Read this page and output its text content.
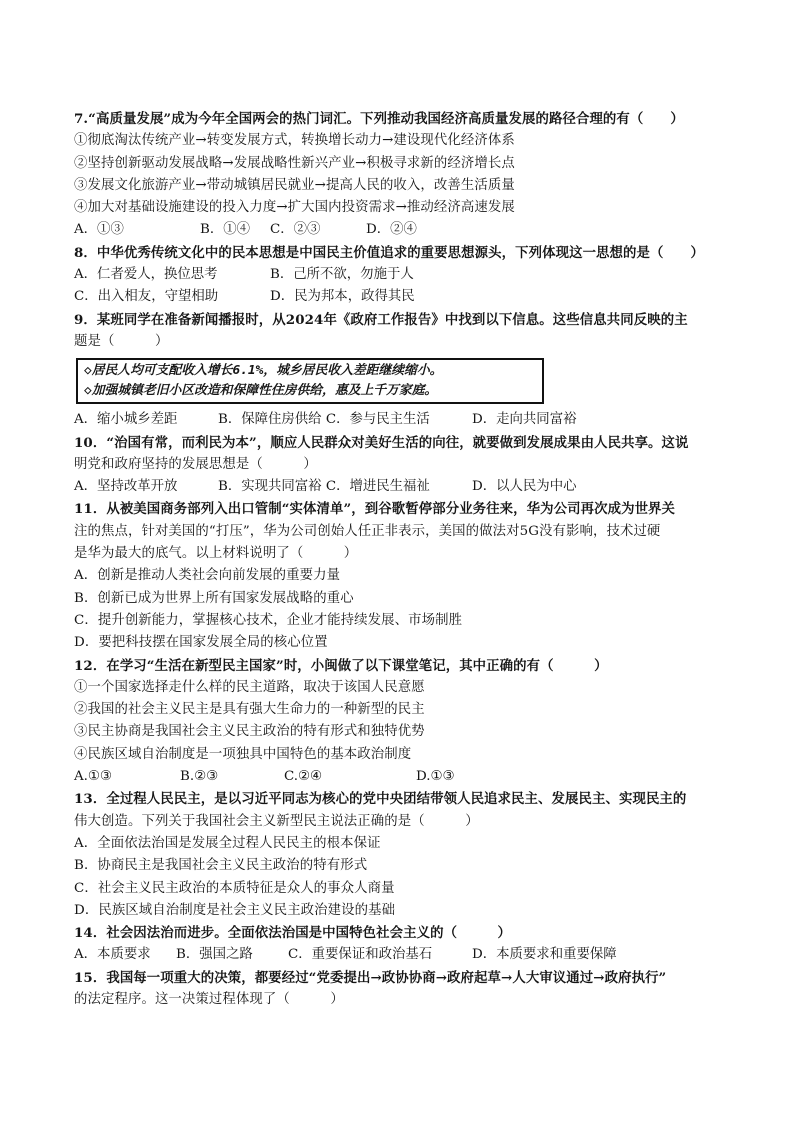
7.“高质量发展”成为今年全国两会的热门词汇。下列推动我国经济高质量发展的路径合理的有（　　）
①彻底淘汰传统产业→转变发展方式，转换增长动力→建设现代化经济体系
②坚持创新驱动发展战略→发展战略性新兴产业→积极寻求新的经济增长点
③发展文化旅游产业→带动城镇居民就业→提高人民的收入，改善生活质量
④加大对基础设施建设的投入力度→扩大国内投资需求→推动经济高速发展
A．①③	B．①④ C．②③	D．②④
8．中华优秀传统文化中的民本思想是中国民主价值追求的重要思想源头，下列体现这一思想的是（　　）
A．仁者爱人，换位思考	B．己所不欲，勿施于人
C．出入相友，守望相助	D．民为邦本，政得其民
9．某班同学在准备新闻播报时，从2024年《政府工作报告》中找到以下信息。这些信息共同反映的主
题是（　　　）
◇居民人均可支配收入增长6.1%，城乡居民收入差距继续缩小。
◇加强城镇老旧小区改造和保障性住房供给，惠及上千万家庭。
A．缩小城乡差距	B．保障住房供给 C．参与民主生活	D．走向共同富裕
10．“治国有常，而利民为本”，顺应人民群众对美好生活的向往，就要做到发展成果由人民共享。这说
明党和政府坚持的发展思想是（　　　）
A．坚持改革开放	B．实现共同富裕 C．增进民生福祉	D．以人民为中心
11．从被美国商务部列入出口管制“实体清单”，到谷歌暂停部分业务往来，华为公司再次成为世界关
注的焦点，针对美国的“打压”，华为公司创始人任正非表示，美国的做法对5G没有影响，技术过硬
是华为最大的底气。以上材料说明了（　　　）
A．创新是推动人类社会向前发展的重要力量
B．创新已成为世界上所有国家发展战略的重心
C．提升创新能力，掌握核心技术，企业才能持续发展、市场制胜
D．要把科技摆在国家发展全局的核心位置
12．在学习“生活在新型民主国家”时，小闽做了以下课堂笔记，其中正确的有（　　　）
①一个国家选择走什么样的民主道路，取决于该国人民意愿
②我国的社会主义民主是具有强大生命力的一种新型的民主
③民主协商是我国社会主义民主政治的特有形式和独特优势
④民族区域自治制度是一项独具中国特色的基本政治制度
A.①③	B.②③	C.②④	D.①③
13．全过程人民民主，是以习近平同志为核心的党中央团结带领人民追求民主、发展民主、实现民主的
伟大创造。下列关于我国社会主义新型民主说法正确的是（　　　）
A．全面依法治国是发展全过程人民民主的根本保证
B．协商民主是我国社会主义民主政治的特有形式
C．社会主义民主政治的本质特征是众人的事众人商量
D．民族区域自治制度是社会主义民主政治建设的基础
14．社会因法治而进步。全面依法治国是中国特色社会主义的（　　　）
A．本质要求 B．强国之路	C．重要保证和政治基石	D．本质要求和重要保障
15．我国每一项重大的决策，都要经过“党委提出→政协协商→政府起草→人大审议通过→政府执行”
的法定程序。这一决策过程体现了（　　　）
